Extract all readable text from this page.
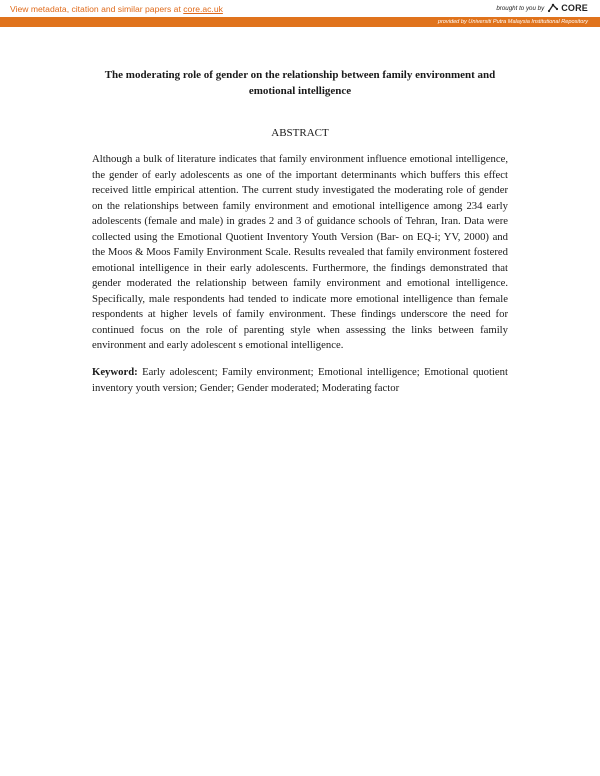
View metadata, citation and similar papers at core.ac.uk	brought to you by CORE
provided by Universiti Putra Malaysia Institutional Repository
The moderating role of gender on the relationship between family environment and
emotional intelligence
ABSTRACT
Although a bulk of literature indicates that family environment influence emotional intelligence, the gender of early adolescents as one of the important determinants which buffers this effect received little empirical attention. The current study investigated the moderating role of gender on the relationships between family environment and emotional intelligence among 234 early adolescents (female and male) in grades 2 and 3 of guidance schools of Tehran, Iran. Data were collected using the Emotional Quotient Inventory Youth Version (Bar- on EQ-i; YV, 2000) and the Moos & Moos Family Environment Scale. Results revealed that family environment fostered emotional intelligence in their early adolescents. Furthermore, the findings demonstrated that gender moderated the relationship between family environment and emotional intelligence. Specifically, male respondents had tended to indicate more emotional intelligence than female respondents at higher levels of family environment. These findings underscore the need for continued focus on the role of parenting style when assessing the links between family environment and early adolescent s emotional intelligence.
Keyword: Early adolescent; Family environment; Emotional intelligence; Emotional quotient inventory youth version; Gender; Gender moderated; Moderating factor
